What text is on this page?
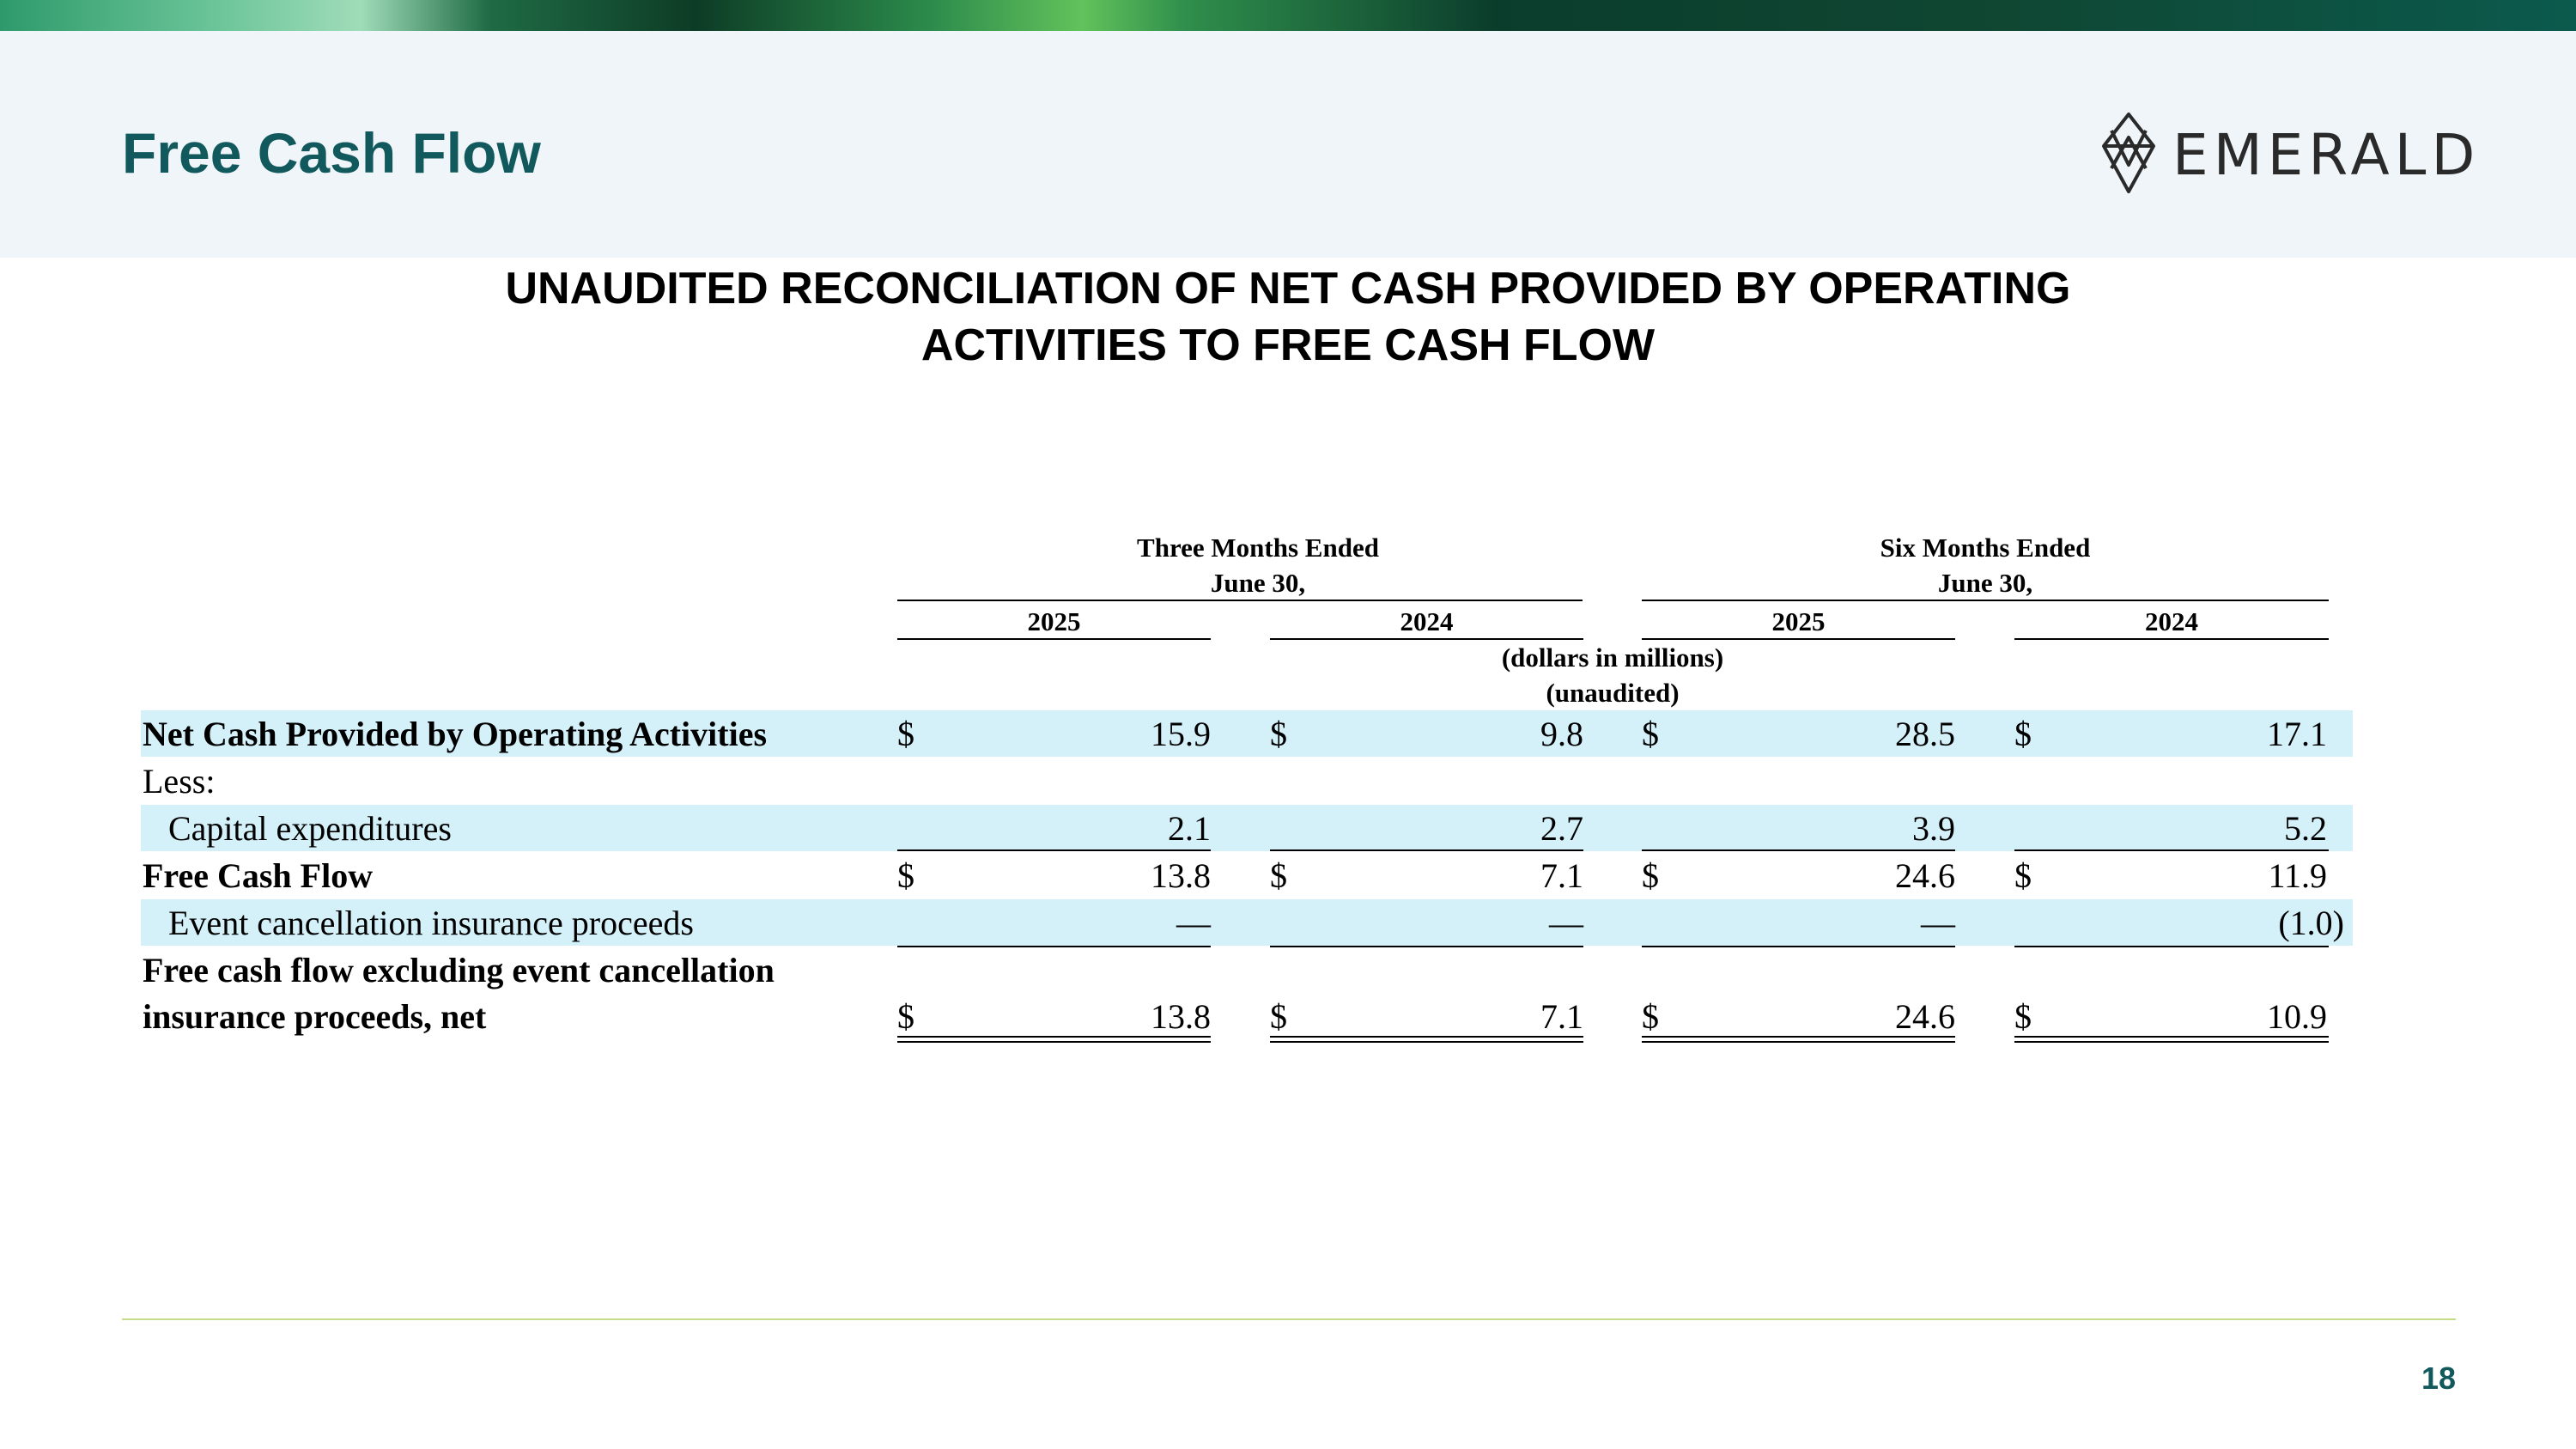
Free Cash Flow	EMERALD
UNAUDITED RECONCILIATION OF NET CASH PROVIDED BY OPERATING
ACTIVITIES TO FREE CASH FLOW
Three Months Ended
June 30,
Six Months Ended
June 30,
2025	2024	2025	2024
(dollars in millions)
(unaudited)
Net Cash Provided by Operating Activities	$	15.9 $	9.8 $	28.5 $	17.1
Less:
Capital expenditures	2.1	2.7	3.9	5.2
Free Cash Flow	$	13.8 $	7.1 $	24.6 $	11.9
Event cancellation insurance proceeds	—	—	—	(1.0)
Free cash flow excluding event cancellation
insurance proceeds, net	$	13.8 $	7.1 $	24.6 $	10.9
18
